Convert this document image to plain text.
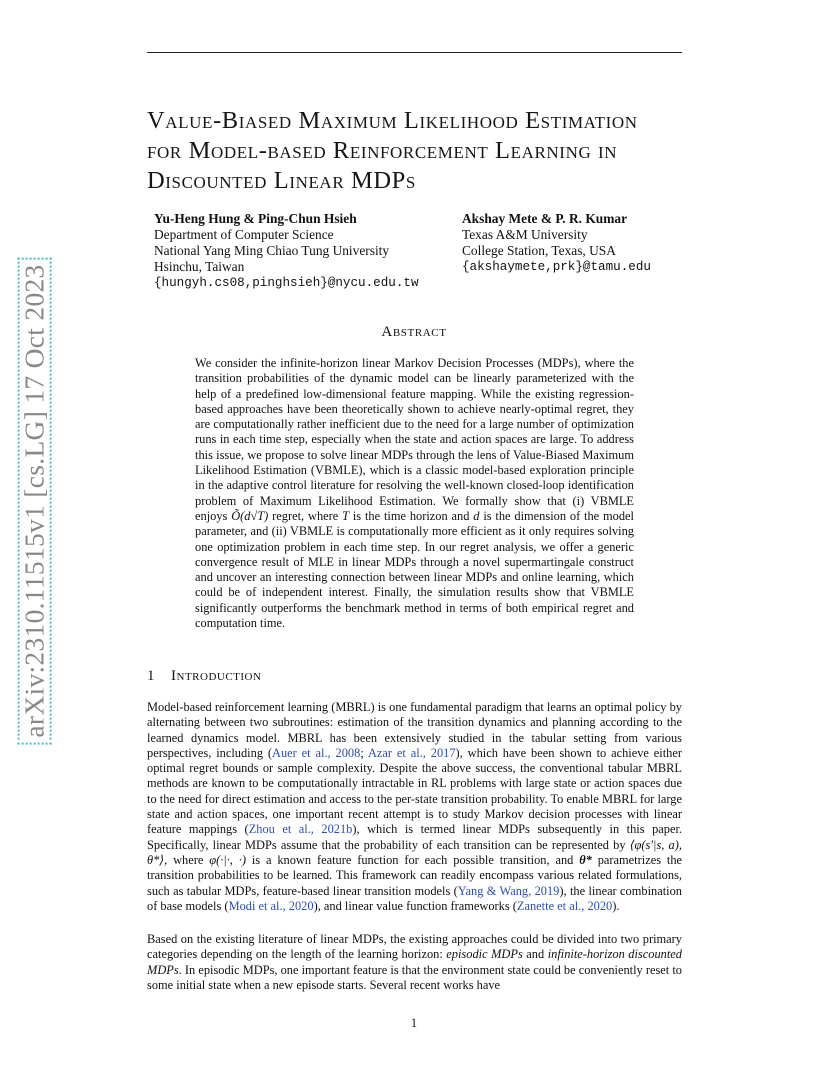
arXiv:2310.11515v1 [cs.LG] 17 Oct 2023
Value-Biased Maximum Likelihood Estimation
for Model-based Reinforcement Learning in
Discounted Linear MDPs
Yu-Heng Hung & Ping-Chun Hsieh
Department of Computer Science
National Yang Ming Chiao Tung University
Hsinchu, Taiwan
{hungyh.cs08,pinghsieh}@nycu.edu.tw
Akshay Mete & P. R. Kumar
Texas A&M University
College Station, Texas, USA
{akshaymete,prk}@tamu.edu
Abstract
We consider the infinite-horizon linear Markov Decision Processes (MDPs), where the transition probabilities of the dynamic model can be linearly parameterized with the help of a predefined low-dimensional feature mapping. While the existing regression-based approaches have been theoretically shown to achieve nearly-optimal regret, they are computationally rather inefficient due to the need for a large number of optimization runs in each time step, especially when the state and action spaces are large. To address this issue, we propose to solve linear MDPs through the lens of Value-Biased Maximum Likelihood Estimation (VBMLE), which is a classic model-based exploration principle in the adaptive control literature for resolving the well-known closed-loop identification problem of Maximum Likelihood Estimation. We formally show that (i) VBMLE enjoys Õ(d√T) regret, where T is the time horizon and d is the dimension of the model parameter, and (ii) VBMLE is computationally more efficient as it only requires solving one optimization problem in each time step. In our regret analysis, we offer a generic convergence result of MLE in linear MDPs through a novel supermartingale construct and uncover an interesting connection between linear MDPs and online learning, which could be of independent interest. Finally, the simulation results show that VBMLE significantly outperforms the benchmark method in terms of both empirical regret and computation time.
1 Introduction
Model-based reinforcement learning (MBRL) is one fundamental paradigm that learns an optimal policy by alternating between two subroutines: estimation of the transition dynamics and planning according to the learned dynamics model. MBRL has been extensively studied in the tabular setting from various perspectives, including (Auer et al., 2008; Azar et al., 2017), which have been shown to achieve either optimal regret bounds or sample complexity. Despite the above success, the conventional tabular MBRL methods are known to be computationally intractable in RL problems with large state or action spaces due to the need for direct estimation and access to the per-state transition probability. To enable MBRL for large state and action spaces, one important recent attempt is to study Markov decision processes with linear feature mappings (Zhou et al., 2021b), which is termed linear MDPs subsequently in this paper. Specifically, linear MDPs assume that the probability of each transition can be represented by ⟨φ(s′|s, a), θ*⟩, where φ(·|·, ·) is a known feature function for each possible transition, and θ* parametrizes the transition probabilities to be learned. This framework can readily encompass various related formulations, such as tabular MDPs, feature-based linear transition models (Yang & Wang, 2019), the linear combination of base models (Modi et al., 2020), and linear value function frameworks (Zanette et al., 2020).
Based on the existing literature of linear MDPs, the existing approaches could be divided into two primary categories depending on the length of the learning horizon: episodic MDPs and infinite-horizon discounted MDPs. In episodic MDPs, one important feature is that the environment state could be conveniently reset to some initial state when a new episode starts. Several recent works have
1
